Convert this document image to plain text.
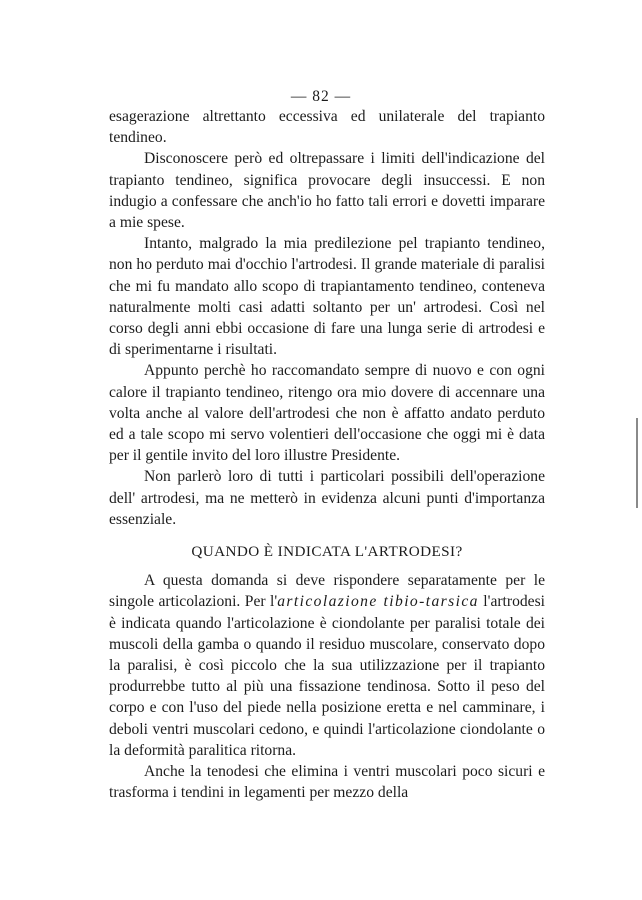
— 82 —

esagerazione altrettanto eccessiva ed unilaterale del trapianto tendineo.

Disconoscere però ed oltrepassare i limiti dell'indicazione del trapianto tendineo, significa provocare degli insuccessi. E non indugio a confessare che anch'io ho fatto tali errori e dovetti imparare a mie spese.

Intanto, malgrado la mia predilezione pel trapianto tendineo, non ho perduto mai d'occhio l'artrodesi. Il grande materiale di paralisi che mi fu mandato allo scopo di trapiantamento tendineo, conteneva naturalmente molti casi adatti soltanto per un' artrodesi. Così nel corso degli anni ebbi occasione di fare una lunga serie di artrodesi e di sperimentarne i risultati.

Appunto perchè ho raccomandato sempre di nuovo e con ogni calore il trapianto tendineo, ritengo ora mio dovere di accennare una volta anche al valore dell'artrodesi che non è affatto andato perduto ed a tale scopo mi servo volentieri dell'occasione che oggi mi è data per il gentile invito del loro illustre Presidente.

Non parlerò loro di tutti i particolari possibili dell'operazione dell' artrodesi, ma ne metterò in evidenza alcuni punti d'importanza essenziale.

QUANDO È INDICATA L'ARTRODESI?

A questa domanda si deve rispondere separatamente per le singole articolazioni. Per l'articolazione tibio-tarsica l'artrodesi è indicata quando l'articolazione è ciondolante per paralisi totale dei muscoli della gamba o quando il residuo muscolare, conservato dopo la paralisi, è così piccolo che la sua utilizzazione per il trapianto produrrebbe tutto al più una fissazione tendinosa. Sotto il peso del corpo e con l'uso del piede nella posizione eretta e nel camminare, i deboli ventri muscolari cedono, e quindi l'articolazione ciondolante o la deformità paralitica ritorna.

Anche la tenodesi che elimina i ventri muscolari poco sicuri e trasforma i tendini in legamenti per mezzo della
